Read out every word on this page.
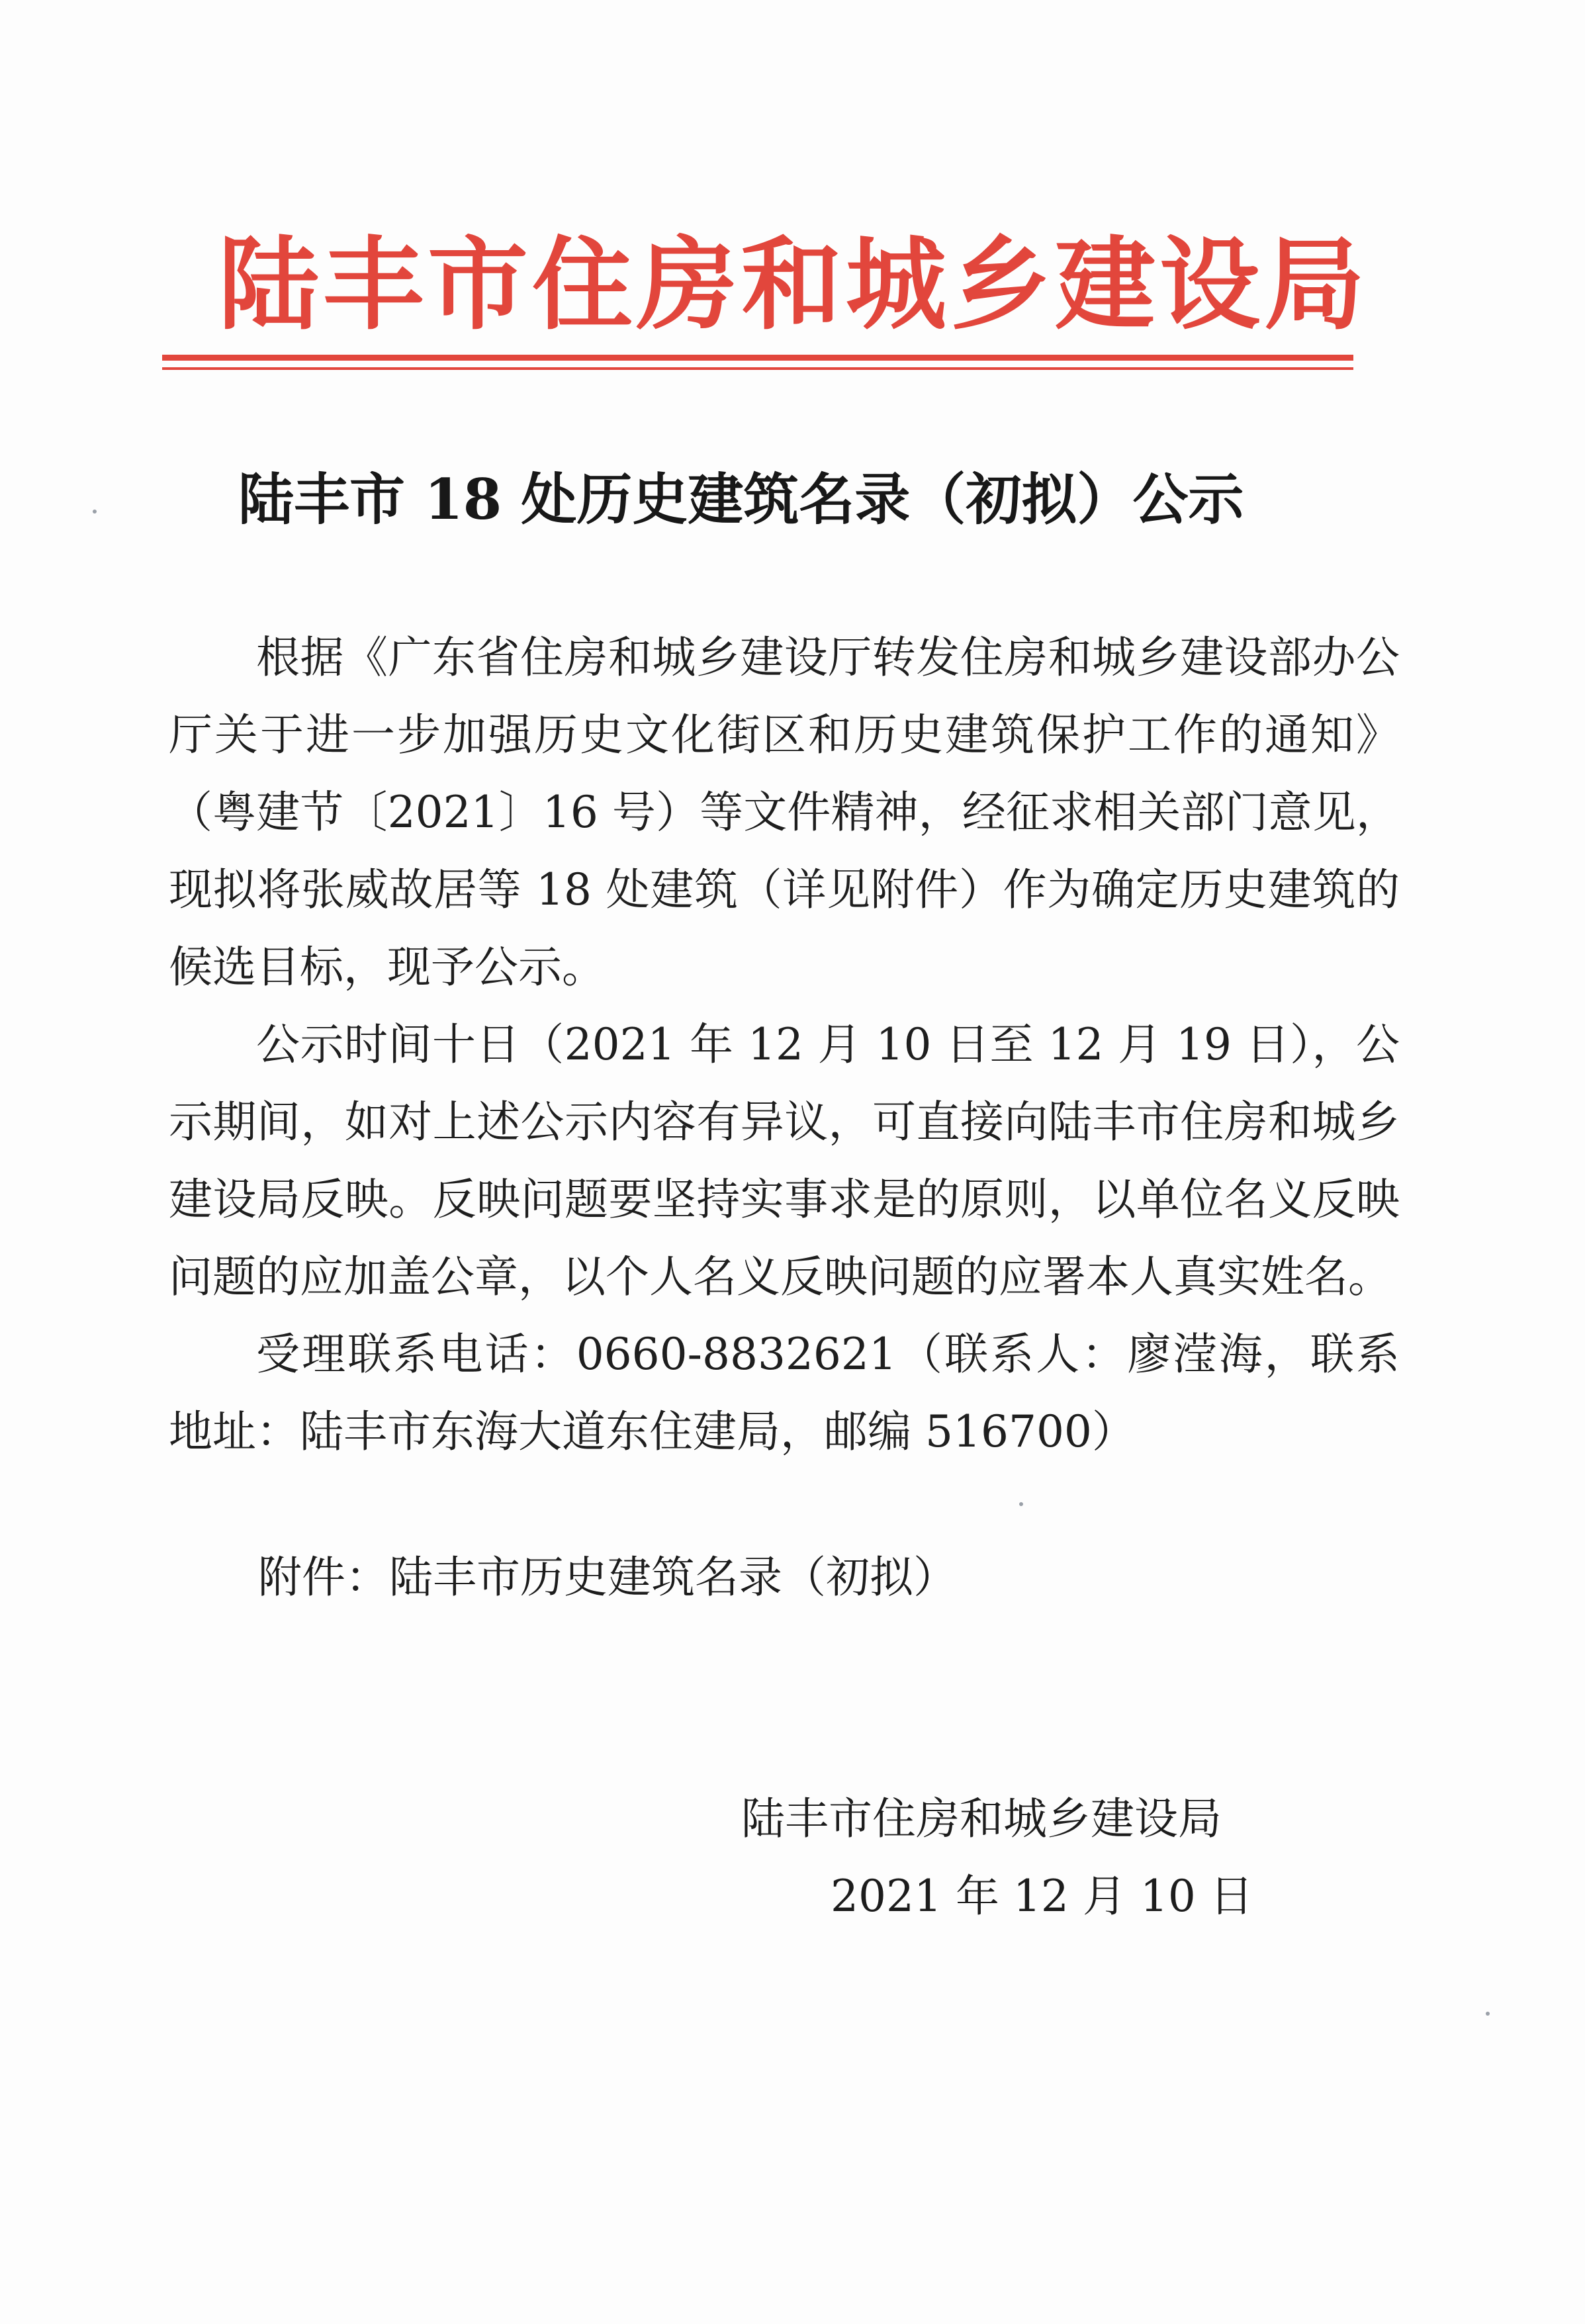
陆丰市住房和城乡建设局
陆丰市 18 处历史建筑名录（初拟）公示
根据《广东省住房和城乡建设厅转发住房和城乡建设部办公厅关于进一步加强历史文化街区和历史建筑保护工作的通知》（粤建节〔2021〕16 号）等文件精神，经征求相关部门意见，现拟将张威故居等 18 处建筑（详见附件）作为确定历史建筑的候选目标，现予公示。
公示时间十日（2021 年 12 月 10 日至 12 月 19 日），公示期间，如对上述公示内容有异议，可直接向陆丰市住房和城乡建设局反映。反映问题要坚持实事求是的原则，以单位名义反映问题的应加盖公章，以个人名义反映问题的应署本人真实姓名。
受理联系电话：0660-8832621（联系人：廖滢海，联系地址：陆丰市东海大道东住建局，邮编 516700）
附件：陆丰市历史建筑名录（初拟）
陆丰市住房和城乡建设局
2021 年 12 月 10 日
